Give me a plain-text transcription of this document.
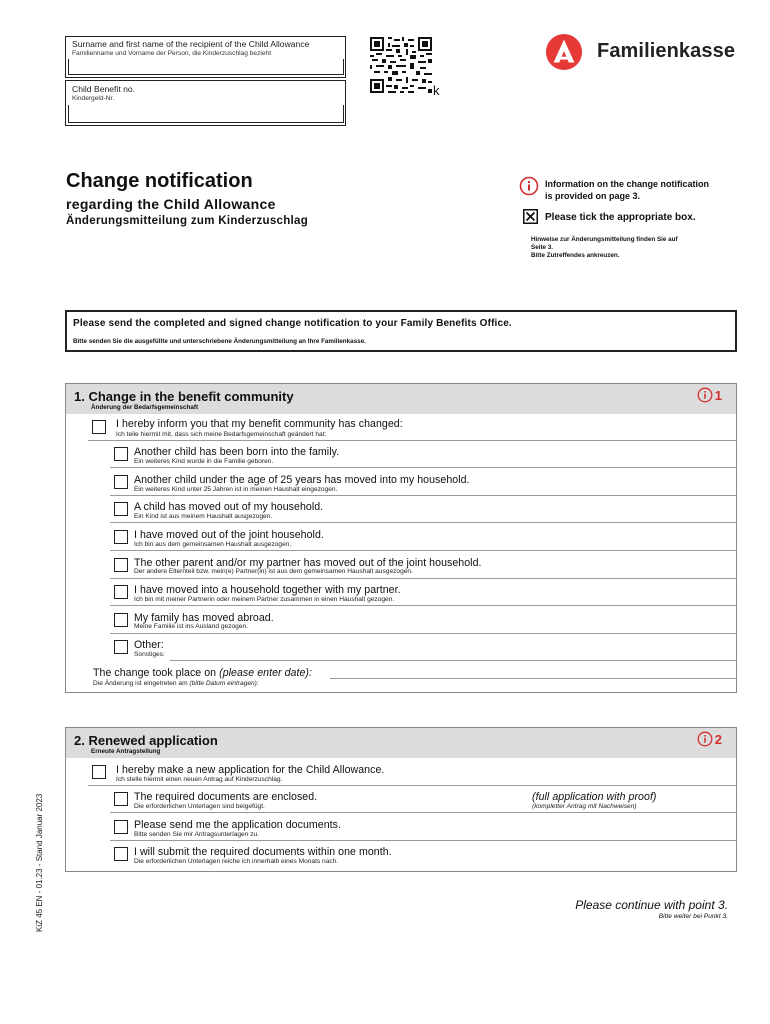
Surname and first name of the recipient of the Child Allowance
Familienname und Vorname der Person, die Kinderzuschlag bezieht
Child Benefit no.
Kindergeld-Nr.
k
Familienkasse
Change notification
regarding the Child Allowance
Änderungsmitteilung zum Kinderzuschlag
Information on the change notification
is provided on page 3.
Please tick the appropriate box.
Hinweise zur Änderungsmitteilung finden Sie auf
Seite 3.
Bitte Zutreffendes ankreuzen.
Please send the completed and signed change notification to your Family Benefits Office.
Bitte senden Sie die ausgefüllte und unterschriebene Änderungsmitteilung an Ihre Familienkasse.
1. Change in the benefit community
Änderung der Bedarfsgemeinschaft
1
I hereby inform you that my benefit community has changed:
Ich teile hiermit mit, dass sich meine Bedarfsgemeinschaft geändert hat:
Another child has been born into the family.
Ein weiteres Kind wurde in die Familie geboren.
Another child under the age of 25 years has moved into my household.
Ein weiteres Kind unter 25 Jahren ist in meinen Haushalt eingezogen.
A child has moved out of my household.
Ein Kind ist aus meinem Haushalt ausgezogen.
I have moved out of the joint household.
Ich bin aus dem gemeinsamen Haushalt ausgezogen.
The other parent and/or my partner has moved out of the joint household.
Der andere Elternteil bzw. mein(e) Partner(in) ist aus dem gemeinsamen Haushalt ausgezogen.
I have moved into a household together with my partner.
Ich bin mit meiner Partnerin oder meinem Partner zusammen in einen Haushalt gezogen.
My family has moved abroad.
Meine Familie ist ins Ausland gezogen.
Other:
Sonstiges:
The change took place on (please enter date):
Die Änderung ist eingetreten am (bitte Datum eintragen):
2. Renewed application
Erneute Antragstellung
2
I hereby make a new application for the Child Allowance.
Ich stelle hiermit einen neuen Antrag auf Kinderzuschlag.
The required documents are enclosed.
Die erforderlichen Unterlagen sind beigefügt.
(full application with proof)
(kompletter Antrag mit Nachweisen)
Please send me the application documents.
Bitte senden Sie mir Antragsunterlagen zu.
I will submit the required documents within one month.
Die erforderlichen Unterlagen reiche ich innerhalb eines Monats nach.
KiZ 45 EN - 01.23 - Stand Januar 2023	Please continue with point 3.
Bitte weiter bei Punkt 3.
